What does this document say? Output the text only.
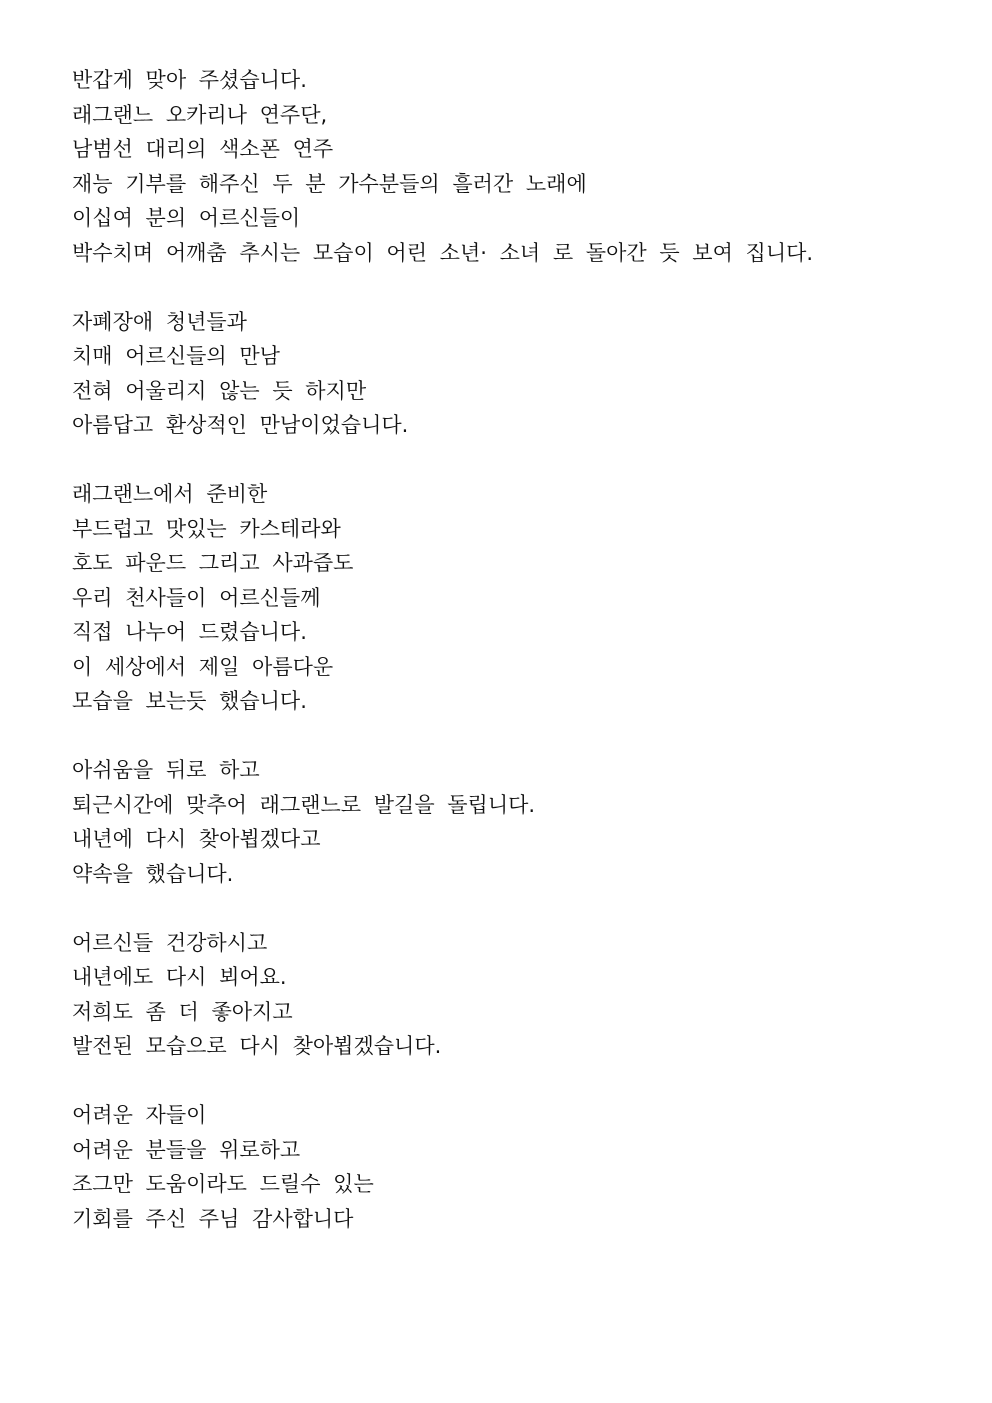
반갑게 맞아 주셨습니다.
래그랜느 오카리나 연주단,
남범선 대리의 색소폰 연주
재능 기부를 해주신 두 분 가수분들의 흘러간 노래에
이십여 분의 어르신들이
박수치며 어깨춤 추시는 모습이 어린 소년· 소녀 로 돌아간 듯 보여 집니다.
자폐장애 청년들과
치매 어르신들의 만남
전혀 어울리지 않는 듯 하지만
아름답고 환상적인 만남이었습니다.
래그랜느에서 준비한
부드럽고 맛있는 카스테라와
호도 파운드 그리고 사과즙도
우리 천사들이 어르신들께
직접 나누어 드렸습니다.
이 세상에서 제일 아름다운
모습을 보는듯 했습니다.
아쉬움을 뒤로 하고
퇴근시간에 맞추어 래그랜느로 발길을 돌립니다.
내년에 다시 찾아뵙겠다고
약속을 했습니다.
어르신들 건강하시고
내년에도 다시 뵈어요.
저희도 좀 더 좋아지고
발전된 모습으로 다시 찾아뵙겠습니다.
어려운 자들이
어려운 분들을 위로하고
조그만 도움이라도 드릴수 있는
기회를 주신 주님 감사합니다
